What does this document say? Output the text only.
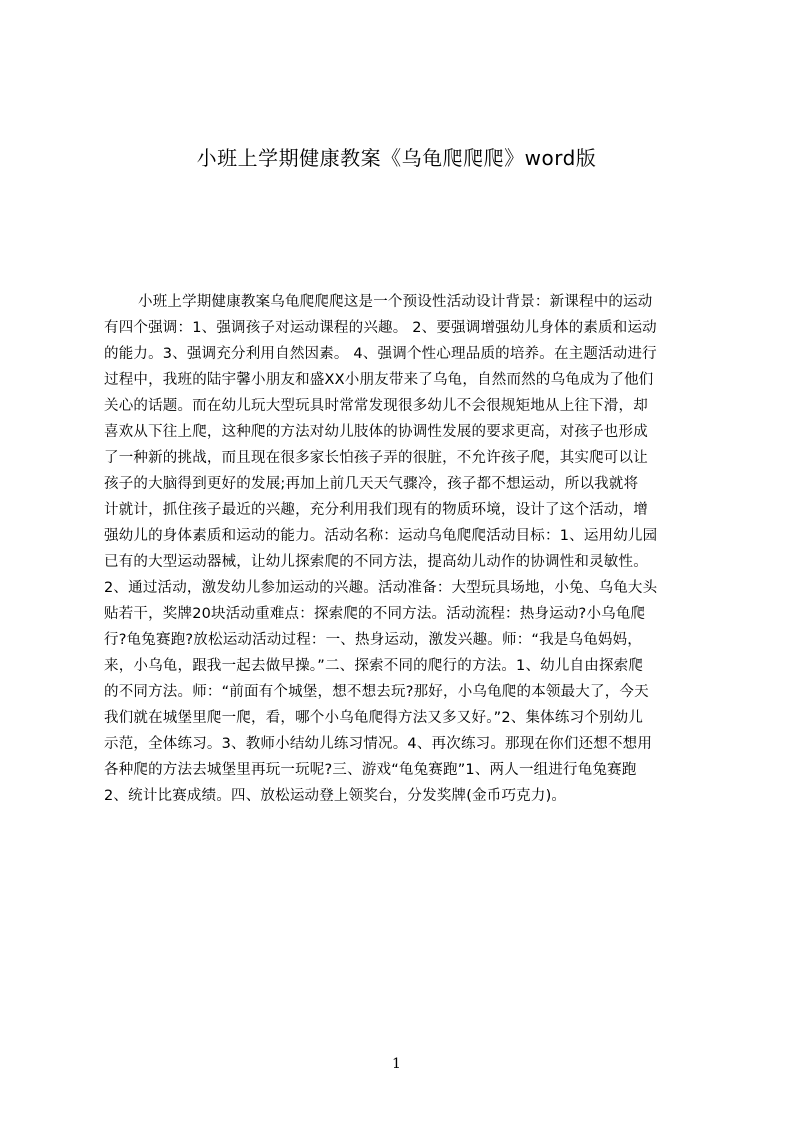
小班上学期健康教案《乌龟爬爬爬》word版
小班上学期健康教案乌龟爬爬爬这是一个预设性活动设计背景：新课程中的运动
有四个强调：1、强调孩子对运动课程的兴趣。 2、要强调增强幼儿身体的素质和运动
的能力。3、强调充分利用自然因素。 4、强调个性心理品质的培养。在主题活动进行
过程中，我班的陆宇馨小朋友和盛XX小朋友带来了乌龟，自然而然的乌龟成为了他们
关心的话题。而在幼儿玩大型玩具时常常发现很多幼儿不会很规矩地从上往下滑，却
喜欢从下往上爬，这种爬的方法对幼儿肢体的协调性发展的要求更高，对孩子也形成
了一种新的挑战，而且现在很多家长怕孩子弄的很脏，不允许孩子爬，其实爬可以让
孩子的大脑得到更好的发展;再加上前几天天气骤冷，孩子都不想运动，所以我就将
计就计，抓住孩子最近的兴趣，充分利用我们现有的物质环境，设计了这个活动，增
强幼儿的身体素质和运动的能力。活动名称：运动乌龟爬爬活动目标：1、运用幼儿园
已有的大型运动器械，让幼儿探索爬的不同方法，提高幼儿动作的协调性和灵敏性。
2、通过活动，激发幼儿参加运动的兴趣。活动准备：大型玩具场地，小兔、乌龟大头
贴若干，奖牌20块活动重难点：探索爬的不同方法。活动流程：热身运动?小乌龟爬
行?龟兔赛跑?放松运动活动过程：一、热身运动，激发兴趣。师：“我是乌龟妈妈，
来，小乌龟，跟我一起去做早操。”二、探索不同的爬行的方法。1、幼儿自由探索爬
的不同方法。师：“前面有个城堡，想不想去玩?那好，小乌龟爬的本领最大了，今天
我们就在城堡里爬一爬，看，哪个小乌龟爬得方法又多又好。”2、集体练习个别幼儿
示范，全体练习。3、教师小结幼儿练习情况。4、再次练习。那现在你们还想不想用
各种爬的方法去城堡里再玩一玩呢?三、游戏“龟兔赛跑”1、两人一组进行龟兔赛跑
2、统计比赛成绩。四、放松运动登上领奖台，分发奖牌(金币巧克力)。
1
